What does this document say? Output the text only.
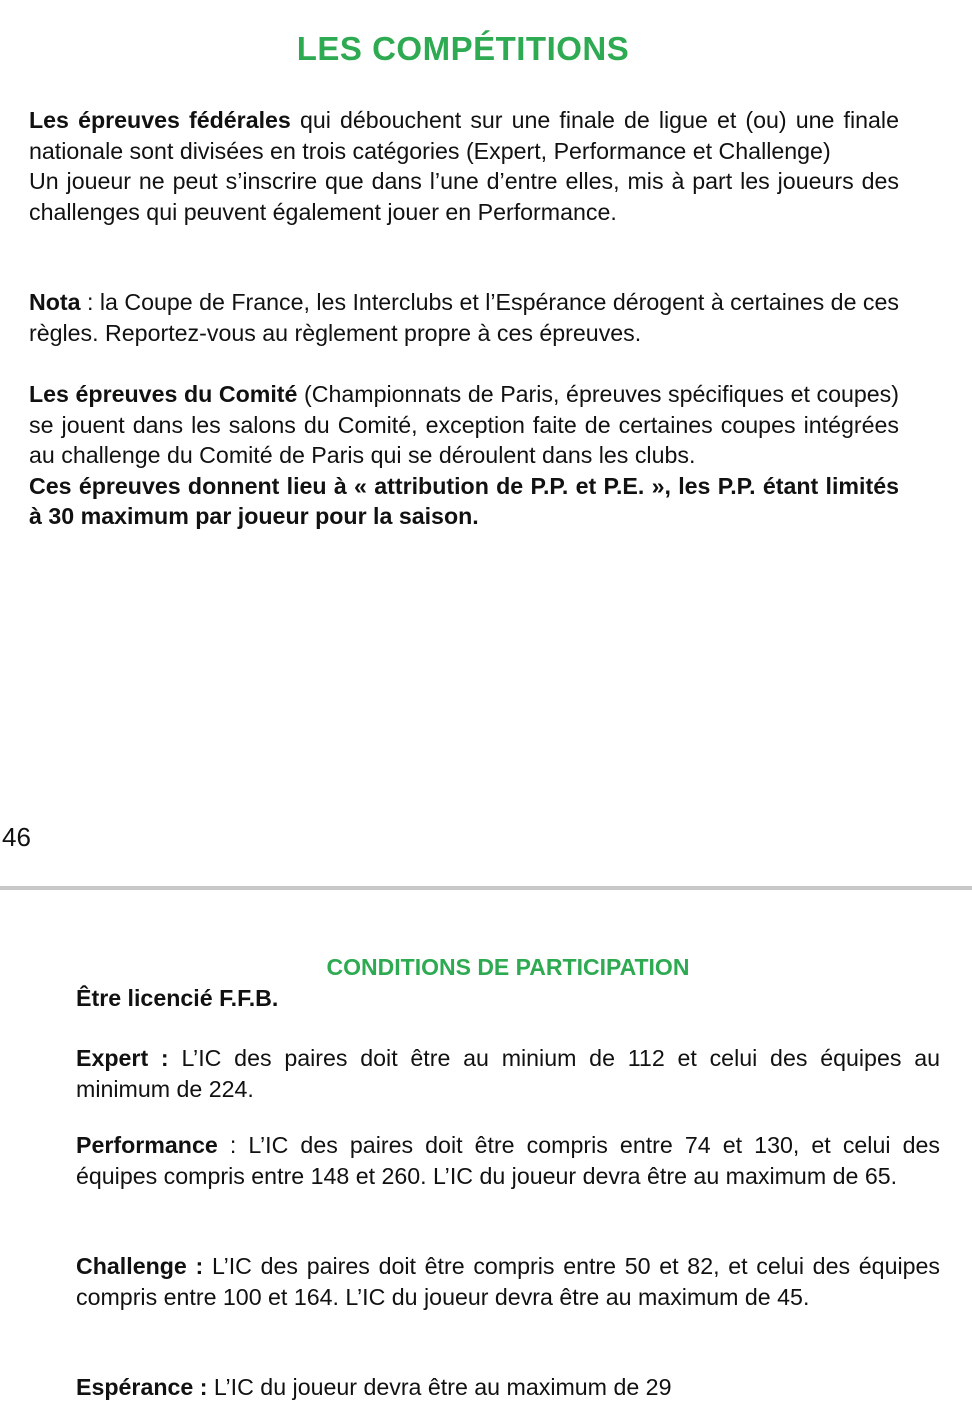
LES COMPÉTITIONS

Les épreuves fédérales qui débouchent sur une finale de ligue et (ou) une finale nationale sont divisées en trois catégories (Expert, Performance et Challenge)

Un joueur ne peut s’inscrire que dans l’une d’entre elles, mis à part les joueurs des challenges qui peuvent également jouer en Performance.

Nota : la Coupe de France, les Interclubs et l’Espérance dérogent à certaines de ces règles. Reportez-vous au règlement propre à ces épreuves.

Les épreuves du Comité (Championnats de Paris, épreuves spécifiques et coupes) se jouent dans les salons du Comité, exception faite de certaines coupes intégrées au challenge du Comité de Paris qui se déroulent dans les clubs.

Ces épreuves donnent lieu à « attribution de P.P. et P.E. », les P.P. étant limités à 30 maximum par joueur pour la saison.

46
CONDITIONS DE PARTICIPATION

Être licencié F.F.B.

Expert : L’IC des paires doit être au minium de 112 et celui des équipes au minimum de 224.

Performance : L’IC des paires doit être compris entre 74 et 130, et celui des équipes compris entre 148 et 260. L’IC du joueur devra être au maximum de 65.

Challenge : L’IC des paires doit être compris entre 50 et 82, et celui des équipes compris entre 100 et 164. L’IC du joueur devra être au maximum de 45.

Espérance : L’IC du joueur devra être au maximum de 29
